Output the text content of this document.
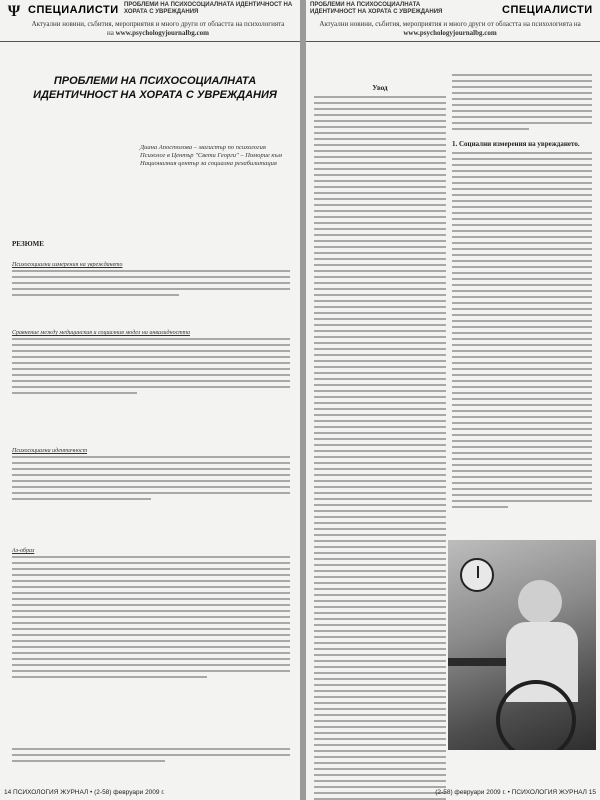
Ψ СПЕЦИАЛИСТИ ПРОБЛЕМИ НА ПСИХОСОЦИАЛНАТА ИДЕНТИЧНОСТ НА ХОРАТА С УВРЕЖДАНИЯ
Актуални новини, събития, мероприятия и много други от областта на психологията на www.psychologyjournalbg.com
ПРОБЛЕМИ НА ПСИХОСОЦИАЛНАТА ИДЕНТИЧНОСТ НА ХОРАТА С УВРЕЖДАНИЯ
Диана Апостолова – магистър по психология Психолог в Център "Свети Георги" – Поморие към Националния център за социална рехабилитация
РЕЗЮМЕ
Психосоциални измерения на увреждането
Сравнение между медицинския и социалния модел на инвалидността
Психосоциална идентичност
Аз-образ
14 ПСИХОЛОГИЯ ЖУРНАЛ • (2-58) февруари 2009 г.
ПРОБЛЕМИ НА ПСИХОСОЦИАЛНАТА ИДЕНТИЧНОСТ НА ХОРАТА С УВРЕЖДАНИЯ	СПЕЦИАЛИСТИ
Актуални новини, събития, мероприятия и много други от областта на психологията на www.psychologyjournalbg.com
Увод
1. Социални измерения на увреждането.
(2-58) февруари 2009 г. • ПСИХОЛОГИЯ ЖУРНАЛ 15
